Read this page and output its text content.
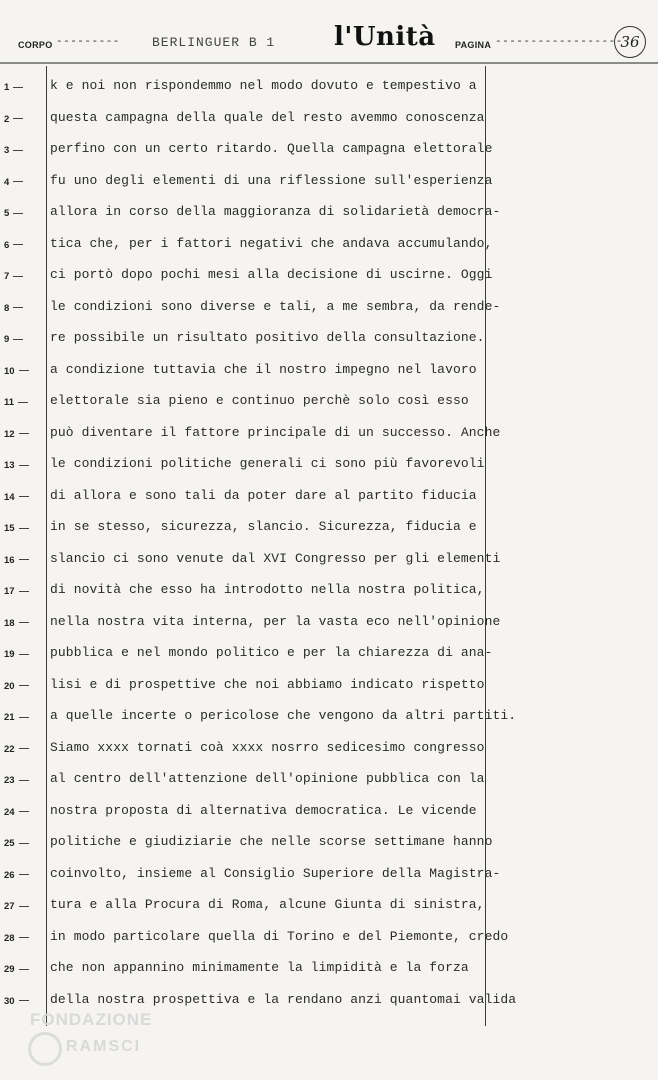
CORPO --------- BERLINGUER B 1 l'Unità PAGINA ------------------
36
1	k e noi non rispondemmo nel modo dovuto e tempestivo a
2	questa campagna della quale del resto avemmo conoscenza
3	perfino con un certo ritardo. Quella campagna elettorale
4	fu uno degli elementi di una riflessione sull'esperienza
5	allora in corso della maggioranza di solidarietà democra-
6	tica che, per i fattori negativi che andava accumulando,
7	ci portò dopo pochi mesi alla decisione di uscirne. Oggi
8	le condizioni sono diverse e tali, a me sembra, da rende-
9	re possibile un risultato positivo della consultazione.
10	a condizione tuttavia che il nostro impegno nel lavoro
11	elettorale sia pieno e continuo perchè solo così esso
12	può diventare il fattore principale di un successo. Anche
13	le condizioni politiche generali ci sono più favorevoli
14	di allora e sono tali da poter dare al partito fiducia
15	in se stesso, sicurezza, slancio. Sicurezza, fiducia e
16	slancio ci sono venute dal XVI Congresso per gli elementi
17	di novità che esso ha introdotto nella nostra politica,
18	nella nostra vita interna, per la vasta eco nell'opinione
19	pubblica e nel mondo politico e per la chiarezza di ana-
20	lisi e di prospettive che noi abbiamo indicato rispetto
21	a quelle incerte o pericolose che vengono da altri partiti.
22	Siamo xxxx tornati coà xxxx nosrro sedicesimo congresso
23	al centro dell'attenzione dell'opinione pubblica con la
24	nostra proposta di alternativa democratica. Le vicende
25	politiche e giudiziarie che nelle scorse settimane hanno
26	coinvolto, insieme al Consiglio Superiore della Magistra-
27	tura e alla Procura di Roma, alcune Giunta di sinistra,
28	in modo particolare quella di Torino e del Piemonte, credo
29	che non appannino minimamente la limpidità e la forza
30	della nostra prospettiva e la rendano anzi quantomai valida
FONDAZIONE
RAMSCI
